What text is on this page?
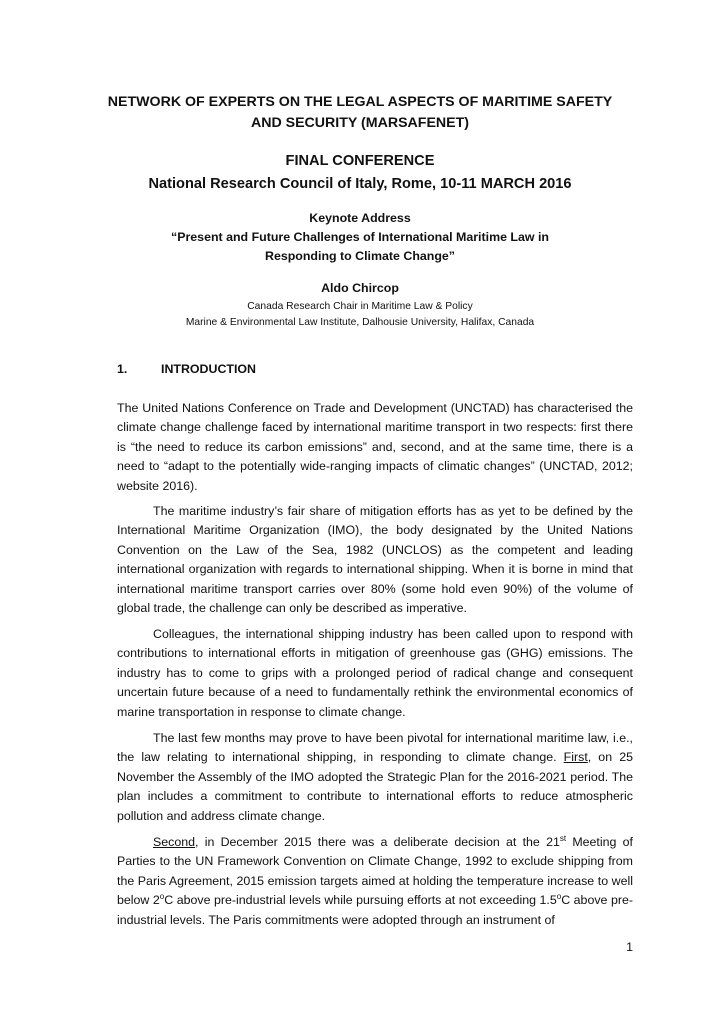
NETWORK OF EXPERTS ON THE LEGAL ASPECTS OF MARITIME SAFETY
AND SECURITY (MARSAFENET)
FINAL CONFERENCE
National Research Council of Italy, Rome, 10-11 MARCH 2016
Keynote Address
“Present and Future Challenges of International Maritime Law in
Responding to Climate Change”
Aldo Chircop
Canada Research Chair in Maritime Law & Policy
Marine & Environmental Law Institute, Dalhousie University, Halifax, Canada
1.	INTRODUCTION
The United Nations Conference on Trade and Development (UNCTAD) has characterised the climate change challenge faced by international maritime transport in two respects: first there is “the need to reduce its carbon emissions” and, second, and at the same time, there is a need to “adapt to the potentially wide-ranging impacts of climatic changes” (UNCTAD, 2012; website 2016).
The maritime industry’s fair share of mitigation efforts has as yet to be defined by the International Maritime Organization (IMO), the body designated by the United Nations Convention on the Law of the Sea, 1982 (UNCLOS) as the competent and leading international organization with regards to international shipping. When it is borne in mind that international maritime transport carries over 80% (some hold even 90%) of the volume of global trade, the challenge can only be described as imperative.
Colleagues, the international shipping industry has been called upon to respond with contributions to international efforts in mitigation of greenhouse gas (GHG) emissions. The industry has to come to grips with a prolonged period of radical change and consequent uncertain future because of a need to fundamentally rethink the environmental economics of marine transportation in response to climate change.
The last few months may prove to have been pivotal for international maritime law, i.e., the law relating to international shipping, in responding to climate change. First, on 25 November the Assembly of the IMO adopted the Strategic Plan for the 2016-2021 period. The plan includes a commitment to contribute to international efforts to reduce atmospheric pollution and address climate change.
Second, in December 2015 there was a deliberate decision at the 21st Meeting of Parties to the UN Framework Convention on Climate Change, 1992 to exclude shipping from the Paris Agreement, 2015 emission targets aimed at holding the temperature increase to well below 2$^o$C above pre-industrial levels while pursuing efforts at not exceeding 1.5$^o$C above pre-industrial levels. The Paris commitments were adopted through an instrument of
1
